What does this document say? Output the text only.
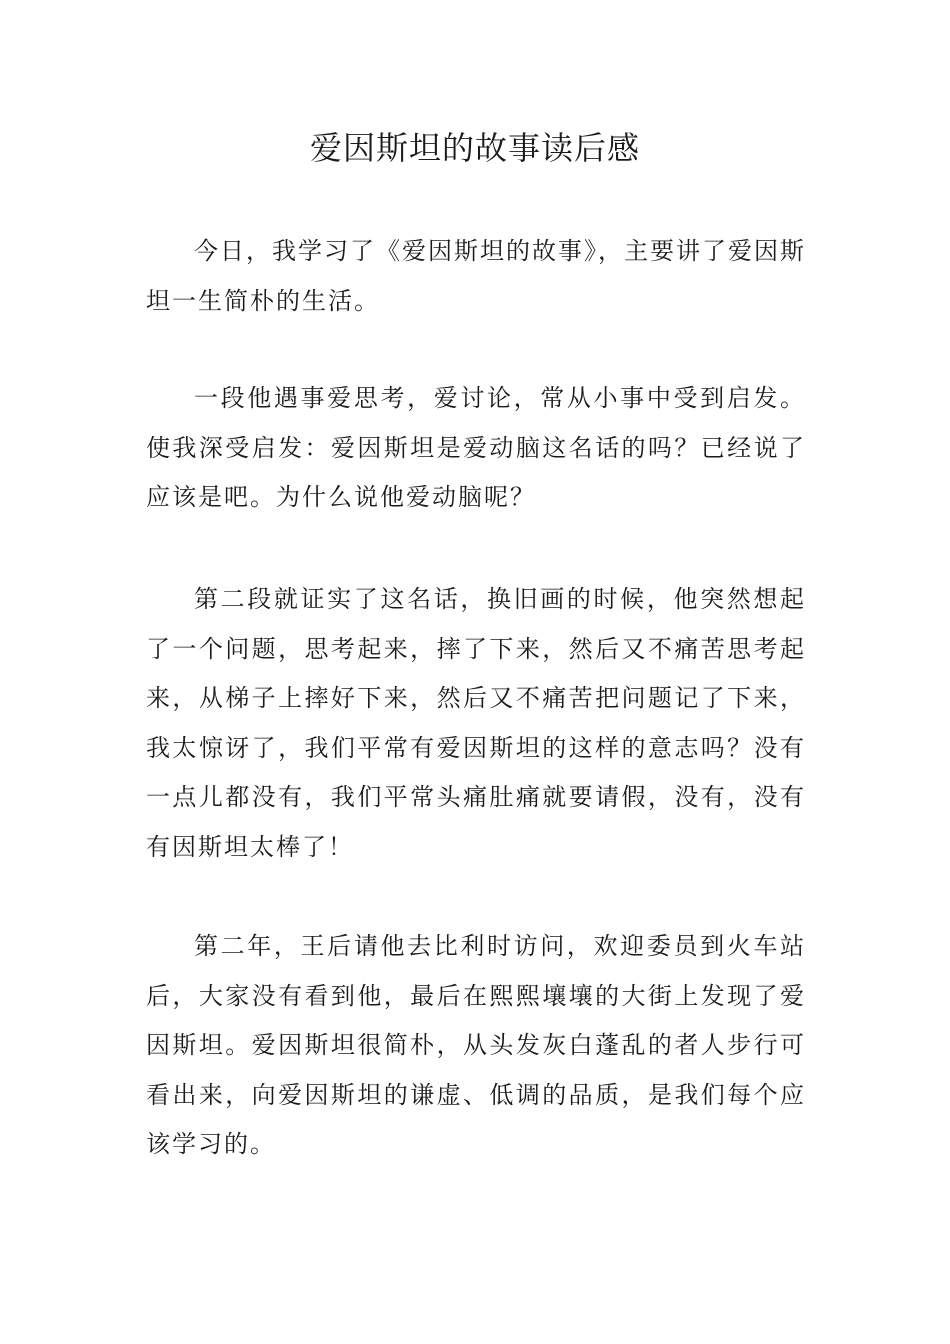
爱因斯坦的故事读后感

今日，我学习了《爱因斯坦的故事》，主要讲了爱因斯坦一生简朴的生活。

一段他遇事爱思考，爱讨论，常从小事中受到启发。使我深受启发：爱因斯坦是爱动脑这名话的吗？已经说了应该是吧。为什么说他爱动脑呢？

第二段就证实了这名话，换旧画的时候，他突然想起了一个问题，思考起来，摔了下来，然后又不痛苦思考起来，从梯子上摔好下来，然后又不痛苦把问题记了下来，我太惊讶了，我们平常有爱因斯坦的这样的意志吗？没有一点儿都没有，我们平常头痛肚痛就要请假，没有，没有有因斯坦太棒了！

第二年，王后请他去比利时访问，欢迎委员到火车站后，大家没有看到他，最后在熙熙壤壤的大街上发现了爱因斯坦。爱因斯坦很简朴，从头发灰白蓬乱的者人步行可看出来，向爱因斯坦的谦虚、低调的品质，是我们每个应该学习的。
